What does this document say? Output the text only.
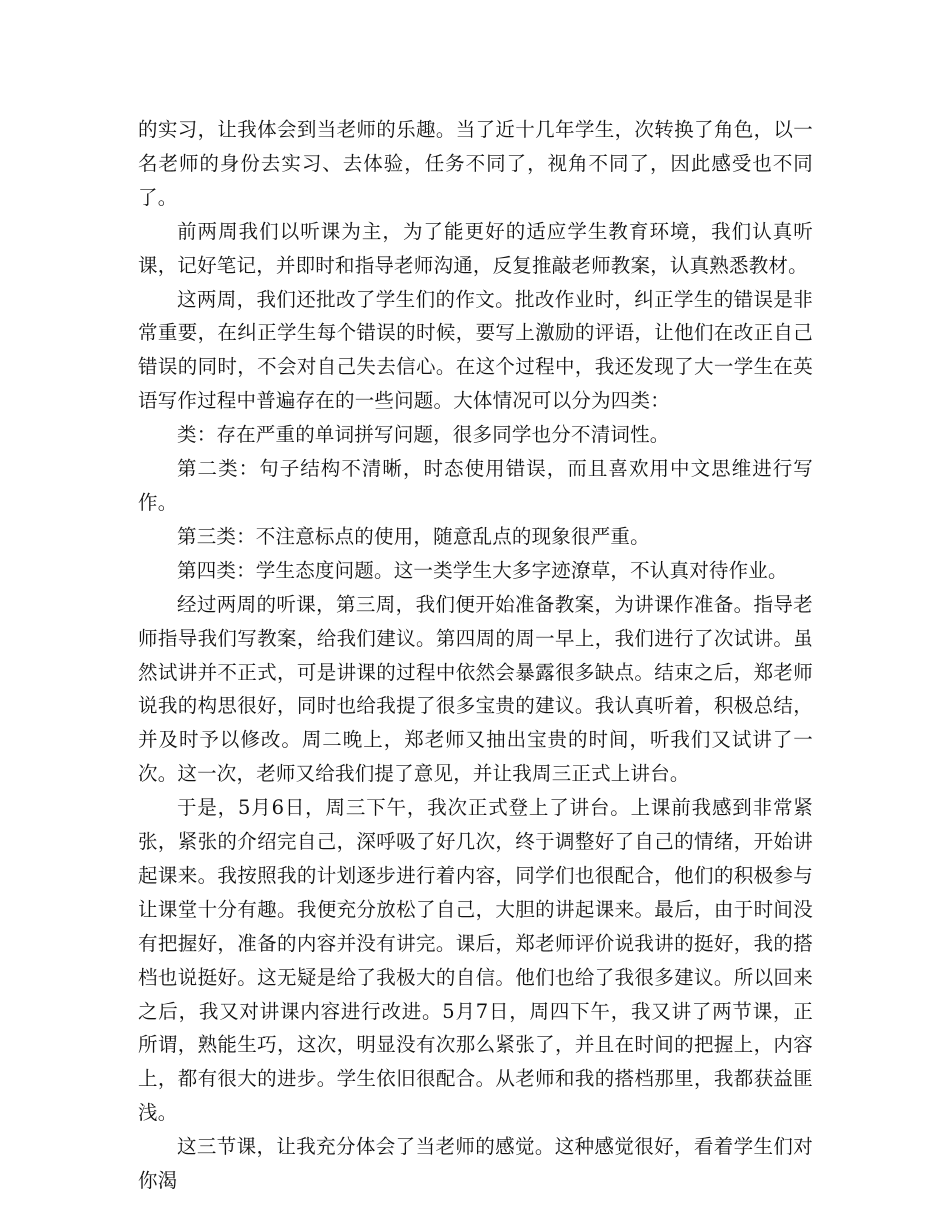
的实习，让我体会到当老师的乐趣。当了近十几年学生，次转换了角色，以一名老师的身份去实习、去体验，任务不同了，视角不同了，因此感受也不同了。

前两周我们以听课为主，为了能更好的适应学生教育环境，我们认真听课，记好笔记，并即时和指导老师沟通，反复推敲老师教案，认真熟悉教材。

这两周，我们还批改了学生们的作文。批改作业时，纠正学生的错误是非常重要，在纠正学生每个错误的时候，要写上激励的评语，让他们在改正自己错误的同时，不会对自己失去信心。在这个过程中，我还发现了大一学生在英语写作过程中普遍存在的一些问题。大体情况可以分为四类：

类：存在严重的单词拼写问题，很多同学也分不清词性。

第二类：句子结构不清晰，时态使用错误，而且喜欢用中文思维进行写作。

第三类：不注意标点的使用，随意乱点的现象很严重。

第四类：学生态度问题。这一类学生大多字迹潦草，不认真对待作业。

经过两周的听课，第三周，我们便开始准备教案，为讲课作准备。指导老师指导我们写教案，给我们建议。第四周的周一早上，我们进行了次试讲。虽然试讲并不正式，可是讲课的过程中依然会暴露很多缺点。结束之后，郑老师说我的构思很好，同时也给我提了很多宝贵的建议。我认真听着，积极总结，并及时予以修改。周二晚上，郑老师又抽出宝贵的时间，听我们又试讲了一次。这一次，老师又给我们提了意见，并让我周三正式上讲台。

于是，5月6日，周三下午，我次正式登上了讲台。上课前我感到非常紧张，紧张的介绍完自己，深呼吸了好几次，终于调整好了自己的情绪，开始讲起课来。我按照我的计划逐步进行着内容，同学们也很配合，他们的积极参与让课堂十分有趣。我便充分放松了自己，大胆的讲起课来。最后，由于时间没有把握好，准备的内容并没有讲完。课后，郑老师评价说我讲的挺好，我的搭档也说挺好。这无疑是给了我极大的自信。他们也给了我很多建议。所以回来之后，我又对讲课内容进行改进。5月7日，周四下午，我又讲了两节课，正所谓，熟能生巧，这次，明显没有次那么紧张了，并且在时间的把握上，内容上，都有很大的进步。学生依旧很配合。从老师和我的搭档那里，我都获益匪浅。

这三节课，让我充分体会了当老师的感觉。这种感觉很好，看着学生们对你渴
